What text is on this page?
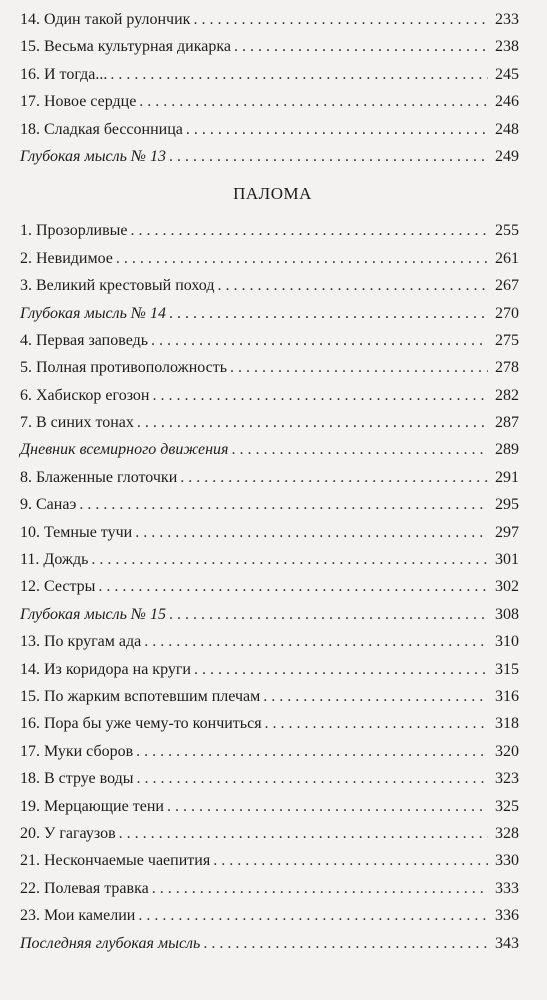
14. Один такой рулончик . . .	233
15. Весьма культурная дикарка . . .	238
16. И тогда... . . .	245
17. Новое сердце . . .	246
18. Сладкая бессонница . . .	248
Глубокая мысль № 13 . . .	249
ПАЛОМА
1. Прозорливые . . .	255
2. Невидимое . . .	261
3. Великий крестовый поход . . .	267
Глубокая мысль № 14 . . .	270
4. Первая заповедь . . .	275
5. Полная противоположность . . .	278
6. Хабискор егозон . . .	282
7. В синих тонах . . .	287
Дневник всемирного движения . . .	289
8. Блаженные глоточки . . .	291
9. Санаэ . . .	295
10. Темные тучи . . .	297
11. Дождь . . .	301
12. Сестры . . .	302
Глубокая мысль № 15 . . .	308
13. По кругам ада . . .	310
14. Из коридора на круги . . .	315
15. По жарким вспотевшим плечам . . .	316
16. Пора бы уже чему-то кончиться . . .	318
17. Муки сборов . . .	320
18. В струе воды . . .	323
19. Мерцающие тени . . .	325
20. У гагаузов . . .	328
21. Нескончаемые чаепития . . .	330
22. Полевая травка . . .	333
23. Мои камелии . . .	336
Последняя глубокая мысль . . .	343
